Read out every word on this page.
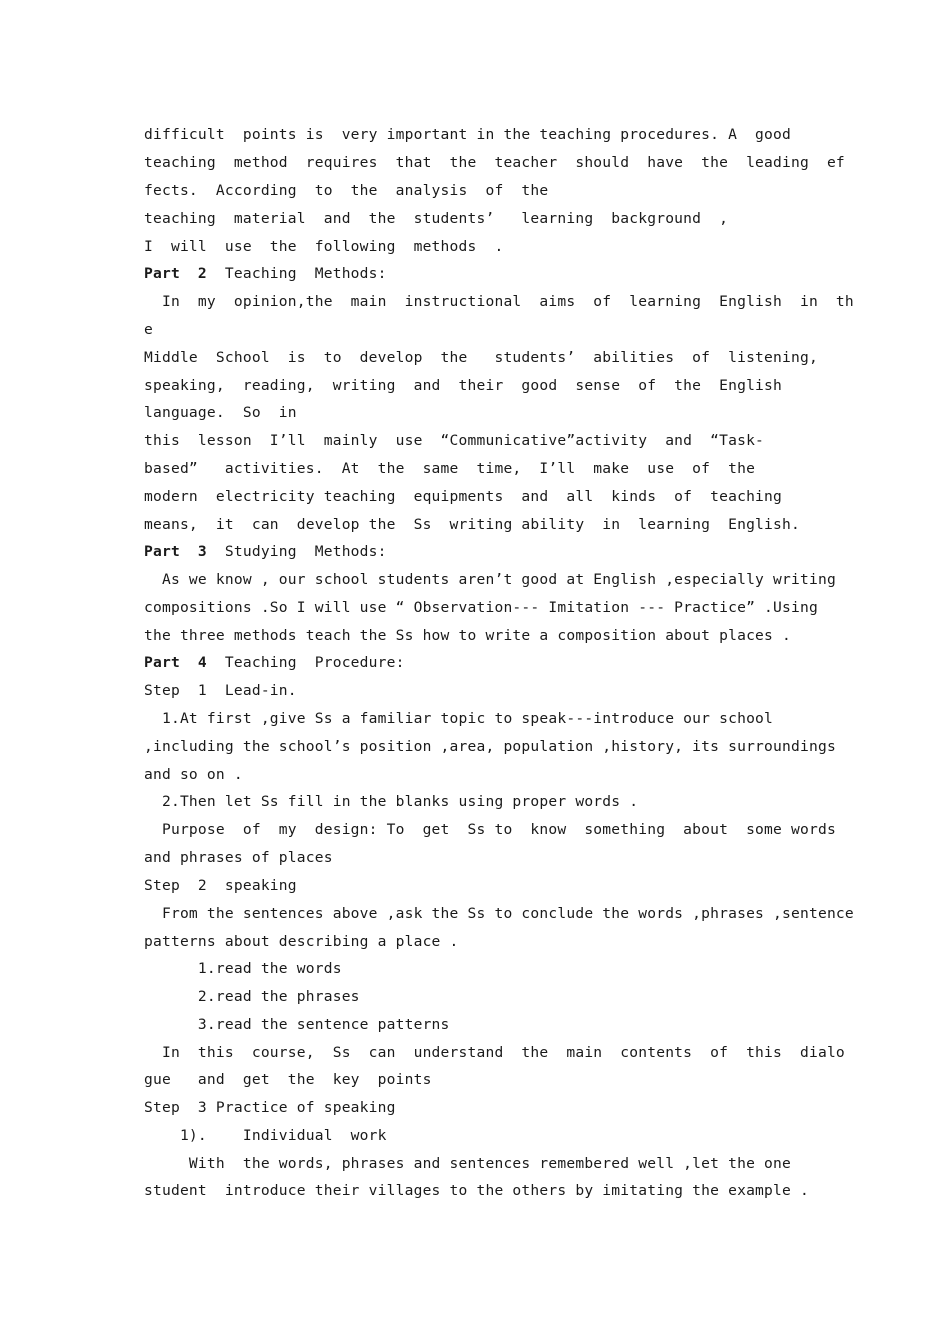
difficult  points is  very important in the teaching procedures. A  good
teaching  method  requires  that  the  teacher  should  have  the  leading  ef
fects.  According  to  the  analysis  of  the
teaching  material  and  the  students’   learning  background  ,
I  will  use  the  following  methods  .
Part  2  Teaching  Methods:
In  my  opinion,the  main  instructional  aims  of  learning  English  in  th
e
Middle  School  is  to  develop  the   students’  abilities  of  listening,
speaking,  reading,  writing  and  their  good  sense  of  the  English
language.  So  in
this  lesson  I’ll  mainly  use  “Communicative”activity  and  “Task-
based”   activities.  At  the  same  time,  I’ll  make  use  of  the
modern  electricity teaching  equipments  and  all  kinds  of  teaching
means,  it  can  develop the  Ss  writing ability  in  learning  English.
Part  3  Studying  Methods:
As we know , our school students aren’t good at English ,especially writing
compositions .So I will use “ Observation--- Imitation --- Practice” .Using
the three methods teach the Ss how to write a composition about places .
Part  4  Teaching  Procedure:
Step  1  Lead-in.
1.At first ,give Ss a familiar topic to speak---introduce our school
,including the school’s position ,area, population ,history, its surroundings
and so on .
2.Then let Ss fill in the blanks using proper words .
Purpose  of  my  design: To  get  Ss to  know  something  about  some words
and phrases of places
Step  2  speaking
From the sentences above ,ask the Ss to conclude the words ,phrases ,sentence
patterns about describing a place .
1.read the words
2.read the phrases
3.read the sentence patterns
In  this  course,  Ss  can  understand  the  main  contents  of  this  dialo
gue   and  get  the  key  points
Step  3 Practice of speaking
1).    Individual  work
With  the words, phrases and sentences remembered well ,let the one
student  introduce their villages to the others by imitating the example .
